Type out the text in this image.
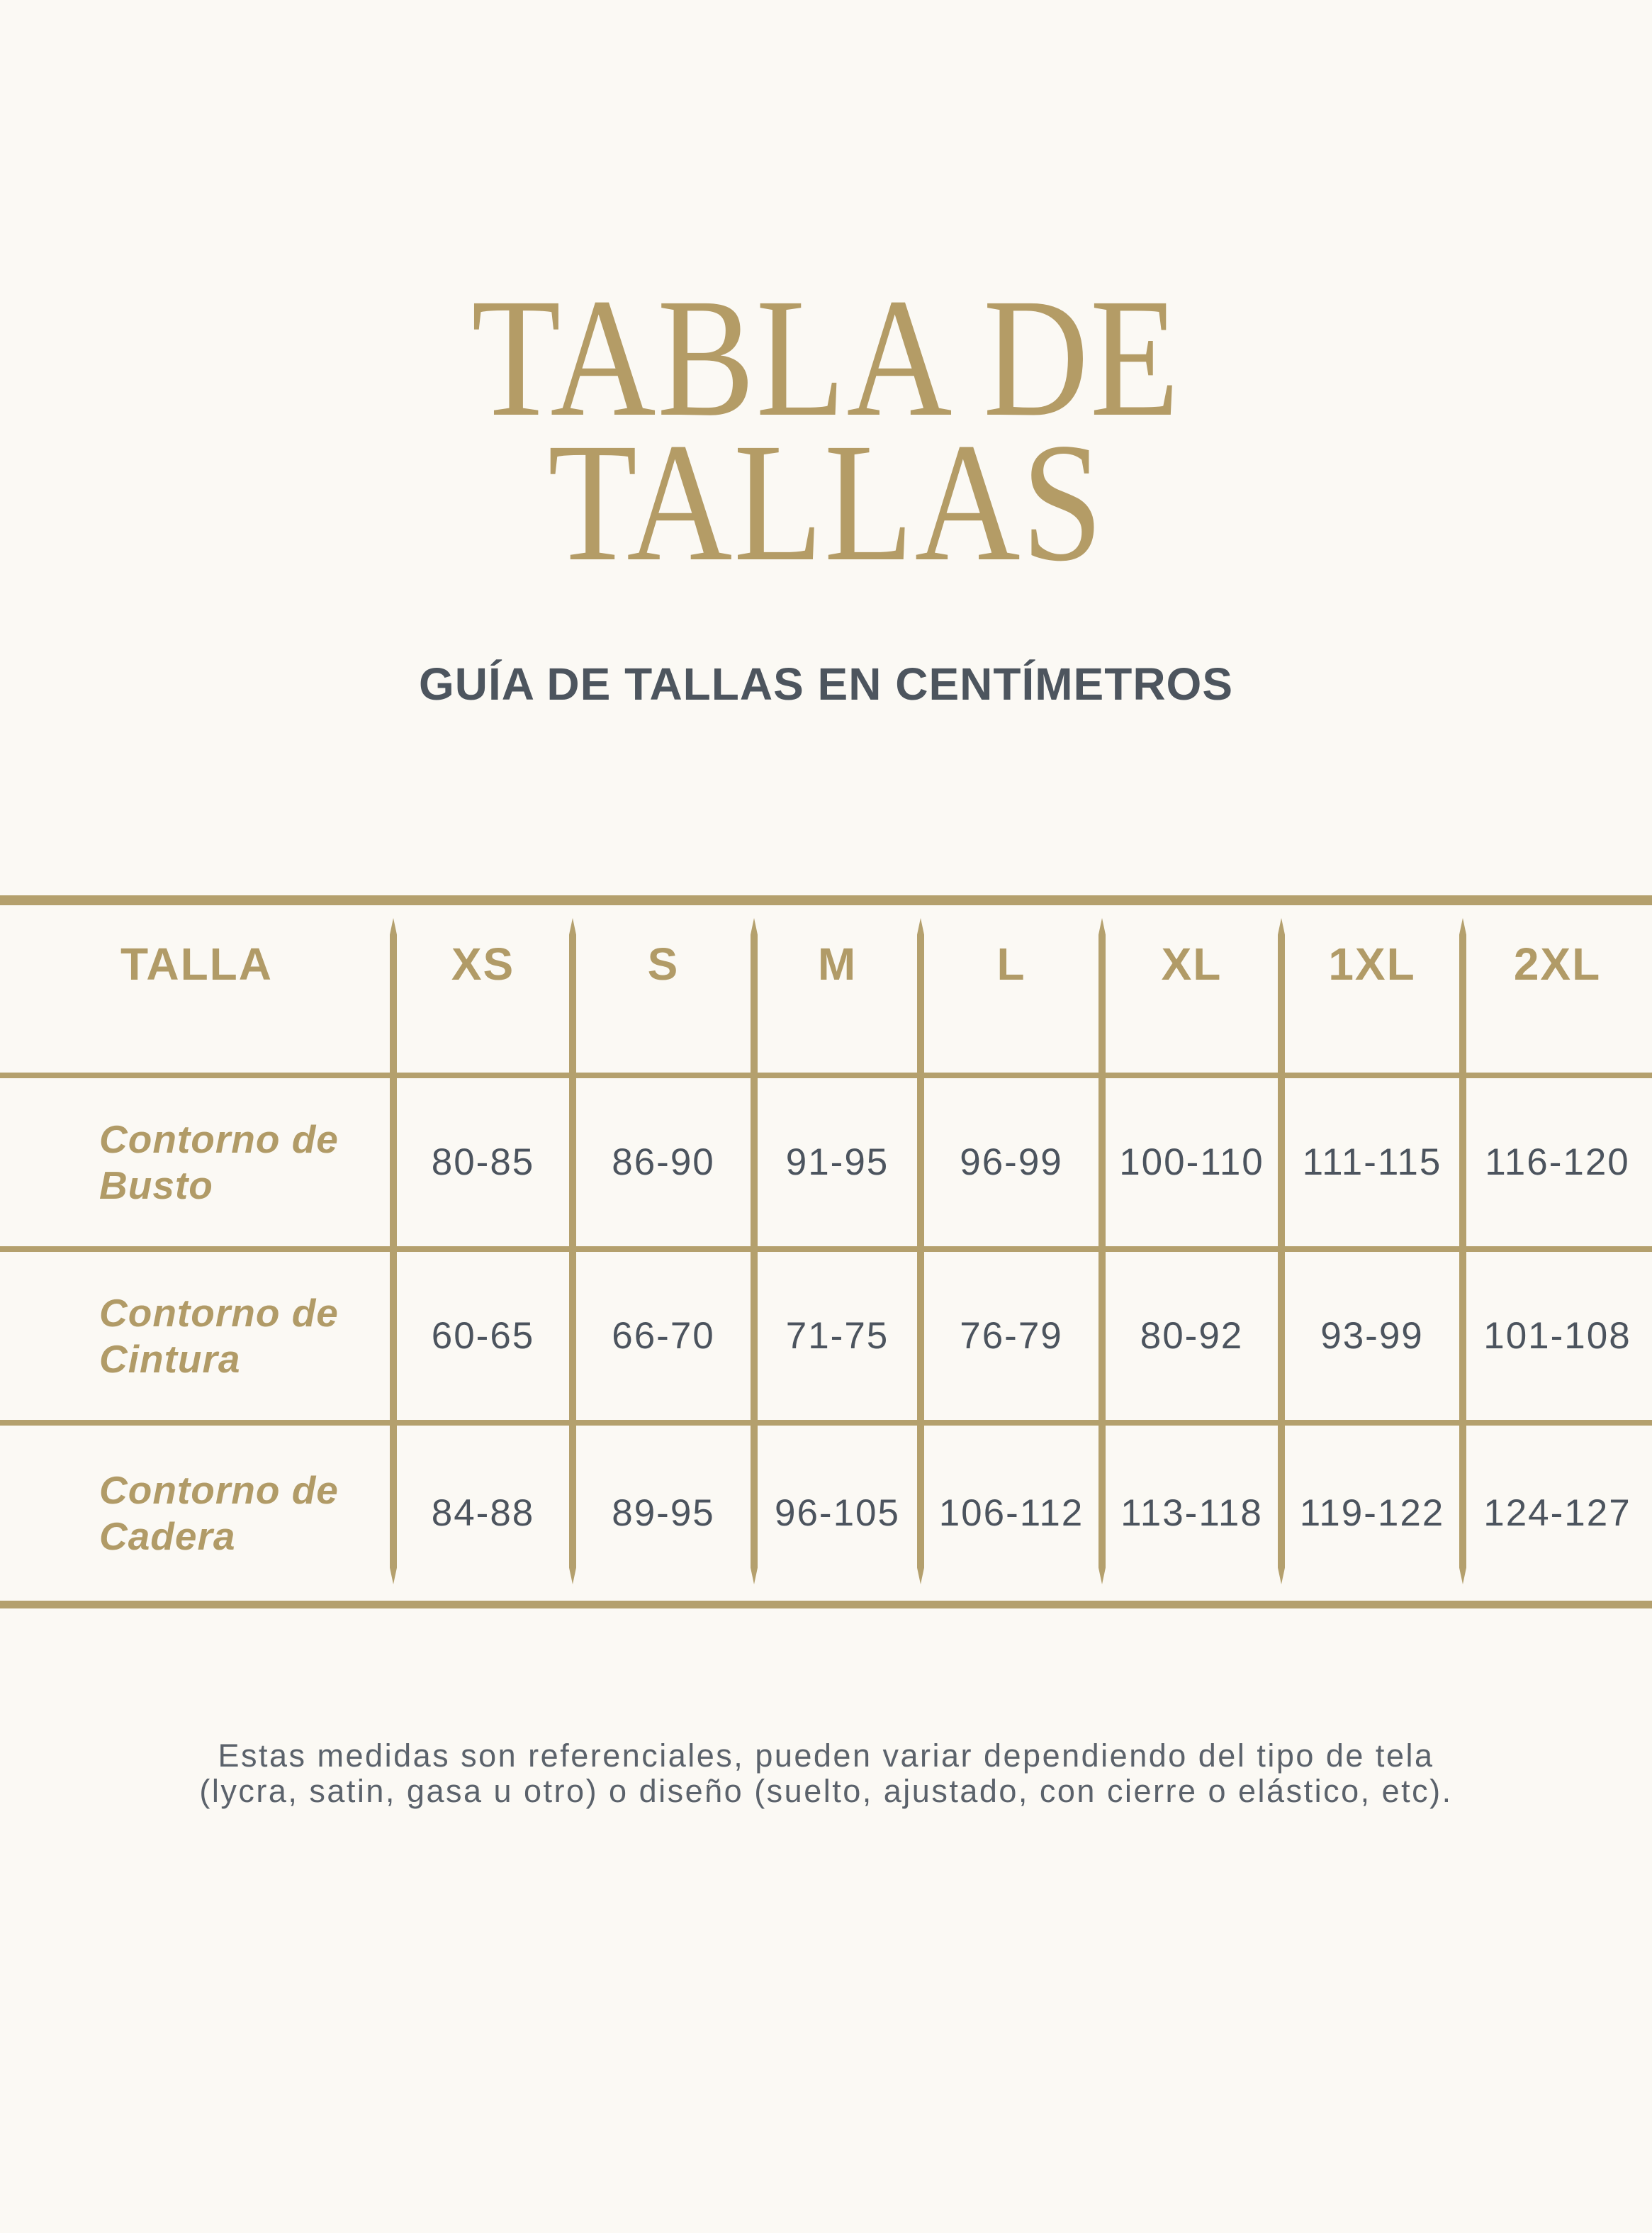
TABLA DE
TALLAS
GUÍA DE TALLAS EN CENTÍMETROS
TALLA	XS	S	M	L	XL	1XL	2XL
Contorno de Busto
80-85	86-90	91-95	96-99	100-110	111-115	116-120
Contorno de Cintura
60-65	66-70	71-75	76-79	80-92	93-99	101-108
Contorno de Cadera
84-88	89-95	96-105	106-112 113-118 119-122	124-127
Estas medidas son referenciales, pueden variar dependiendo del tipo de tela
(lycra, satin, gasa u otro) o diseño (suelto, ajustado, con cierre o elástico, etc).
